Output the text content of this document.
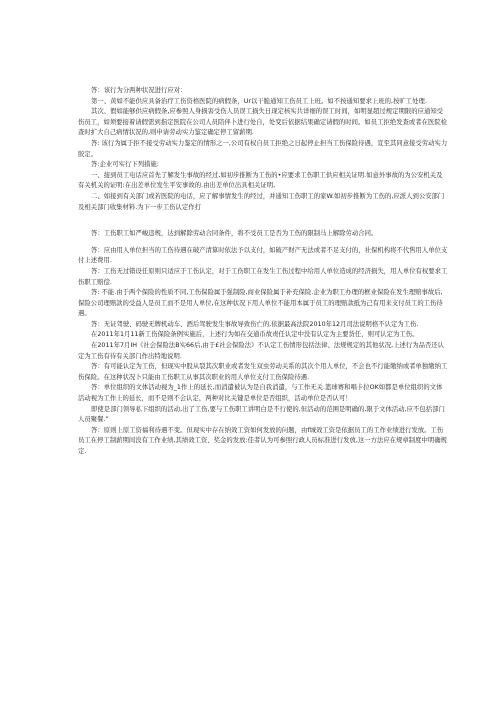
答：该行为分两种状况进行应对：

第一、黄如不能供应具备治疗工伤资格医院的病假条，Ur以干脆通知工伤员工上班。如不按通知要求上班的,按旷工处理.

其次、假如能够供应病假条,应参照人身损害受伤人员误工损失日现定核实共详细的误工时间，如明显超过规定期限的应通知受伤员工，如须要接着请假需到指定医院在公司人员陪伴卜进行处自，处变后依据结果确定请假的时间。如员工拒绝发查或者在医院检查时扩大自己病情状况的,则申请劳动实力鉴定确定停工留薪期.

答: 该行为属于拒不接受劳动实力鉴定的情形之一,公司有权自员工拒绝之日起停止担当工伤保险待遇，宣至其同意接受劳动实力胶定。

答:企业可实行下列措施:

一、接到员工电话应首先了解发生事故的经过,如初步推断为工伤的•应要求工伤职工供应相关证明.如意外事故的为公安机关及有关机关的证明:在出差单位发生平安事故的.由出差单位出具相关证明,

二、如接到有关部门或若医院的电话，应了解事情发生的经过，并通知工伤职工的家W.如初步推断为工伤的,应派人到公安部门及相关部门收集材料.为下一步工伤认定作打

答：工伤职工如严峻违规，达到解除劳动合同条件，将不受员工是否为工伤的限制马上解除劳动合同。

答：应由用人单位担当的工伤待遇在破产清算时依法予以支付，如破产财产无法或者不足支付的，社保机构将不代售用人单位支付上述费用.

答：工伤无过错设任原则只适应于工伤认定，对于工伤职工在发生工伤过程中给用人单位造成的经济损失，用人单位有权要求工伤职工赔偿.

答: 不能.由于两个保险的性质不同,工伤保险属于强制险,商业保险属于补充保险.企业为职工办理的框业保险在发生理赔事故后,保险公司理赔款的受益人是员工而不是用人单位,在这种状况下用人单位不能用本属于员工的理赔款抵为己有用来支付员工的工伤待遇。

答：无证驾驶、码驶无牌机动车、酒后驾驶发生事故导致伤亡的,依据最高法院2010年12月司法说明格不认定为工伤.

在2011年1月11新工伤保险条例实施后，上述行为如在交通币故责任认定中没有认定为主要货任，则可认定为工伤。

在2011年7月IH《社会保险法B实66后,由于£社会保险法》不认定工伤情形包括法律、法规规定的其他状况,上述行为品否还认定为工伤有待有关部门作出特地说明.

答：有可能认定为工伤，但现实中股从裂其次职业或者发生双虫劳动关系的其次个用人单位，不会也不行能缴纳或者单独缴纳工伤保险。在这种状况卜只能由工伤职工从事其次职业的用人单位支付工伤保险待遇.

答：单位组织的文体活动视为_1作上的延长,而消遣被认为是自我消遣，与工作无关.篮球赛和唱卡拉OK如都是单位组织的文体活动视为工作上的延长，而不是则不会认定，两种对比关键是单位是否组织，活动单位是否认可！

即使是部门领导私下组织的活动,出了工伤,要与工伤职工讲明白是不行使的,但活动的范围是明确的,限于文体活动,应不包括部门人员聚餐.”

答：原则上原工资福利待遇不变。但现实中存在纳效工资如何发放的问题，由f城效工资是依据员工的工作业绩进行发放。工伤员工在停工制薪期间没有工作业绩,其绩效工资、奖金的发放:佳者认为可参照行政人员标准进行发放,这一方法应在规章制度中明确规定.
